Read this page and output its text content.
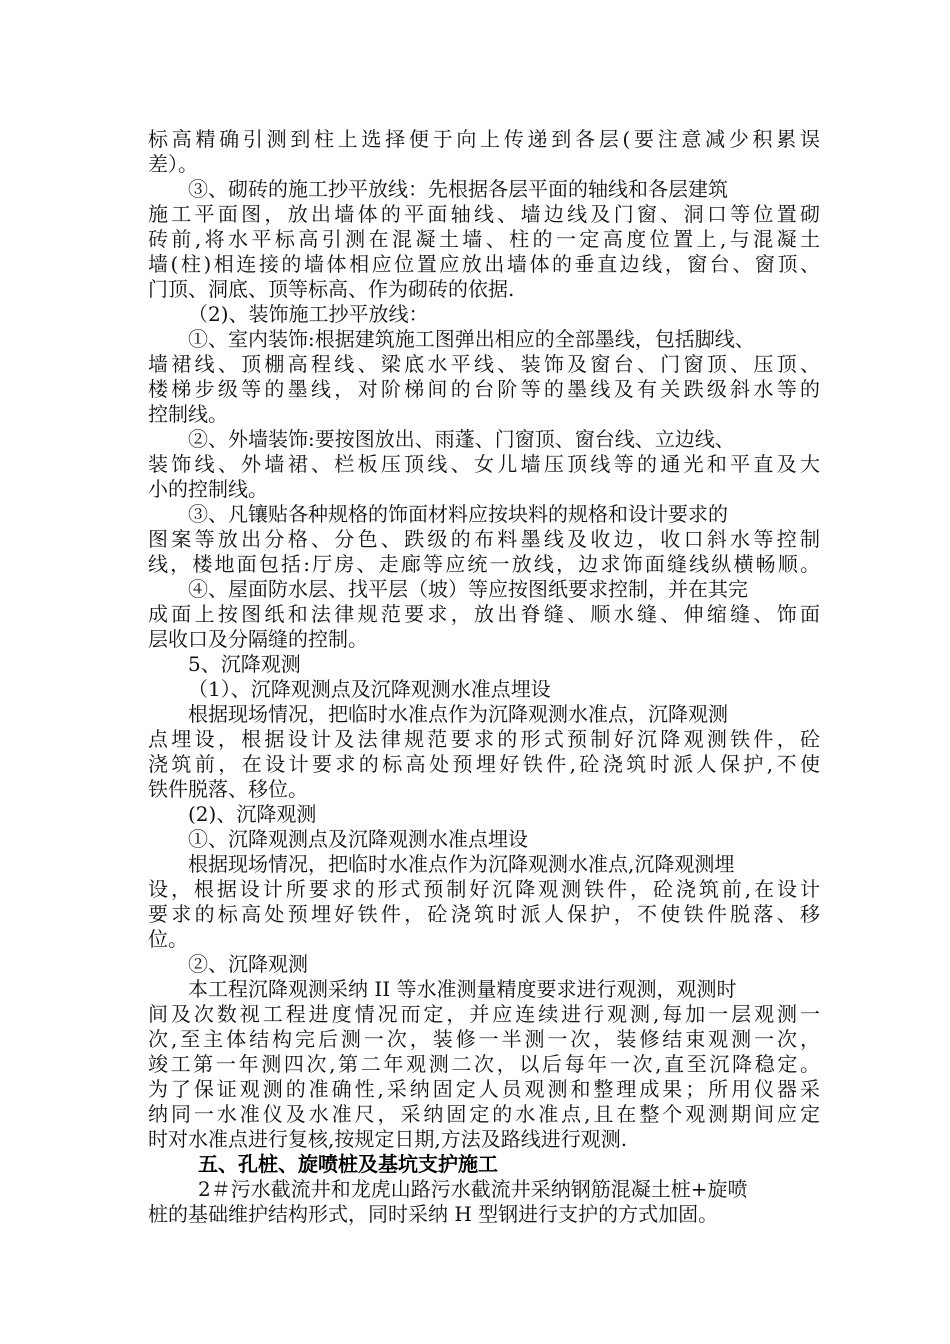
标高精确引测到柱上选择便于向上传递到各层(要注意减少积累误
差）。
③、砌砖的施工抄平放线：先根据各层平面的轴线和各层建筑
施工平面图，放出墙体的平面轴线、墙边线及门窗、洞口等位置砌
砖前,将水平标高引测在混凝土墙、柱的一定高度位置上,与混凝土
墙(柱)相连接的墙体相应位置应放出墙体的垂直边线，窗台、窗顶、
门顶、洞底、顶等标高、作为砌砖的依据.
（2)、装饰施工抄平放线：
①、室内装饰:根据建筑施工图弹出相应的全部墨线，包括脚线、
墙裙线、顶棚高程线、梁底水平线、装饰及窗台、门窗顶、压顶、
楼梯步级等的墨线，对阶梯间的台阶等的墨线及有关跌级斜水等的
控制线。
②、外墙装饰:要按图放出、雨蓬、门窗顶、窗台线、立边线、
装饰线、外墙裙、栏板压顶线、女儿墙压顶线等的通光和平直及大
小的控制线。
③、凡镶贴各种规格的饰面材料应按块料的规格和设计要求的
图案等放出分格、分色、跌级的布料墨线及收边，收口斜水等控制
线，楼地面包括:厅房、走廊等应统一放线，边求饰面缝线纵横畅顺。
④、屋面防水层、找平层（坡）等应按图纸要求控制，并在其完
成面上按图纸和法律规范要求，放出脊缝、顺水缝、伸缩缝、饰面
层收口及分隔缝的控制。
5、沉降观测
（1）、沉降观测点及沉降观测水准点埋设
根据现场情况，把临时水准点作为沉降观测水准点，沉降观测
点埋设，根据设计及法律规范要求的形式预制好沉降观测铁件，砼
浇筑前，在设计要求的标高处预埋好铁件,砼浇筑时派人保护,不使
铁件脱落、移位。
(2)、沉降观测
①、沉降观测点及沉降观测水准点埋设
根据现场情况，把临时水准点作为沉降观测水准点,沉降观测埋
设，根据设计所要求的形式预制好沉降观测铁件，砼浇筑前,在设计
要求的标高处预埋好铁件，砼浇筑时派人保护，不使铁件脱落、移
位。
②、沉降观测
本工程沉降观测采纳 II 等水准测量精度要求进行观测，观测时
间及次数视工程进度情况而定，并应连续进行观测,每加一层观测一
次,至主体结构完后测一次，装修一半测一次，装修结束观测一次，
竣工第一年测四次,第二年观测二次，以后每年一次,直至沉降稳定。
为了保证观测的准确性,采纳固定人员观测和整理成果；所用仪器采
纳同一水准仪及水准尺，采纳固定的水准点,且在整个观测期间应定
时对水准点进行复核,按规定日期,方法及路线进行观测.
五、孔桩、旋喷桩及基坑支护施工
2＃污水截流井和龙虎山路污水截流井采纳钢筋混凝土桩+旋喷
桩的基础维护结构形式，同时采纳 H 型钢进行支护的方式加固。
